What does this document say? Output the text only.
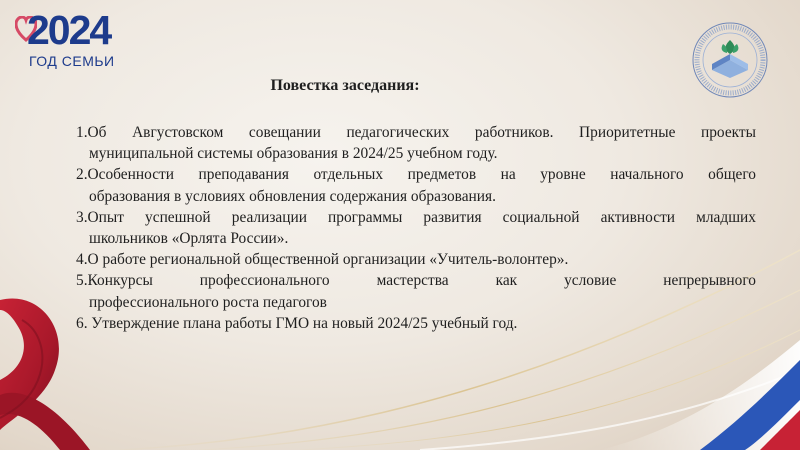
2024
ГОД СЕМЬИ
Повестка заседания:
1.Об Августовском совещании педагогических работников. Приоритетные проекты
муниципальной системы образования в 2024/25 учебном году.
2.Особенности преподавания отдельных предметов на уровне начального общего
образования в условиях обновления содержания образования.
3.Опыт успешной реализации программы развития социальной активности младших
школьников «Орлята России».
4.О работе региональной общественной организации «Учитель-волонтер».
5.Конкурсы профессионального мастерства как условие непрерывного
профессионального роста педагогов
6. Утверждение плана работы ГМО на новый 2024/25 учебный год.
